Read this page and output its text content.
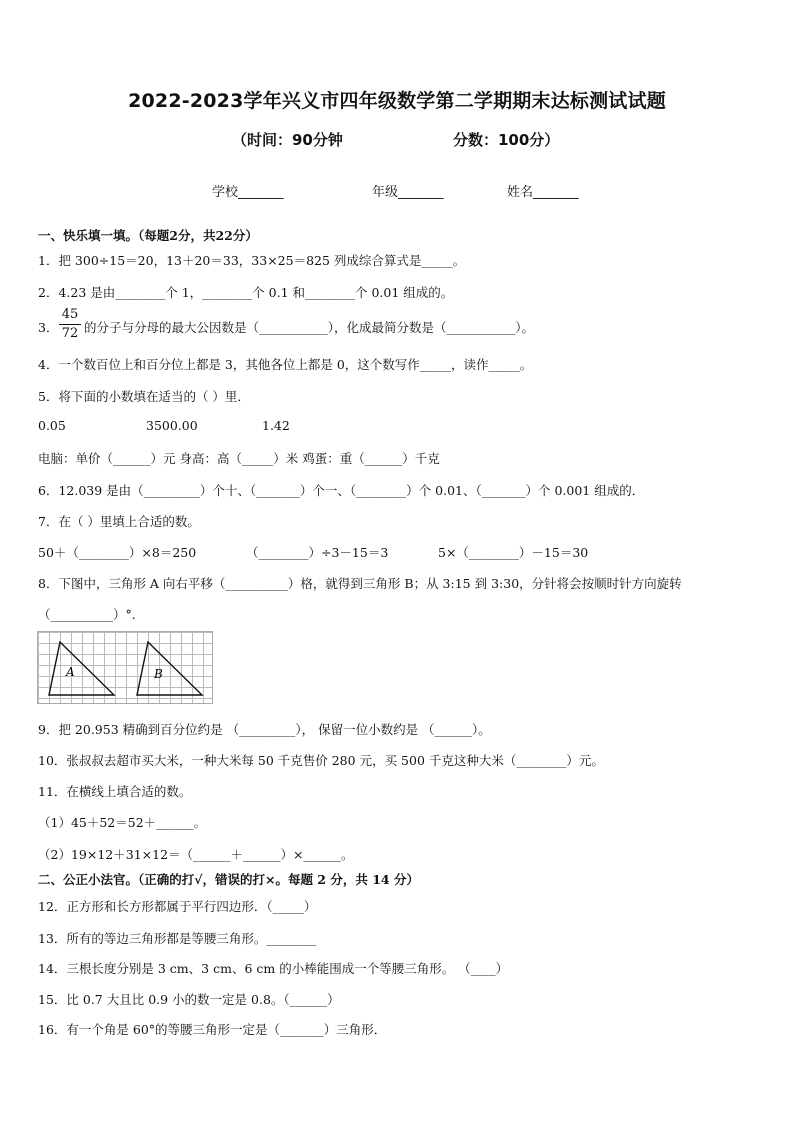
2022-2023学年兴义市四年级数学第二学期期末达标测试试题
（时间：90分钟	分数：100分）
学校_______	年级_______	姓名_______
一、快乐填一填。（每题2分，共22分）
1．把 300÷15＝20，13＋20＝33，33×25＝825 列成综合算式是_____。
2．4.23 是由________个 1，________个 0.1 和________个 0.01 组成的。
3．
45
72 的分子与分母的最大公因数是（___________），化成最简分数是（___________）。
4．一个数百位上和百分位上都是 3，其他各位上都是 0，这个数写作_____，读作_____。
5．将下面的小数填在适当的（ ）里．
0.05	3500.00	1.42
电脑：单价（______）元 身高：高（_____）米 鸡蛋：重（______）千克
6．12.039 是由（_________）个十、（_______）个一、（________）个 0.01、（_______）个 0.001 组成的．
7．在（ ）里填上合适的数。
50＋（________）×8＝250	（________）÷3－15＝3	5×（________）－15＝30
8．下图中，三角形 A 向右平移（__________）格，就得到三角形 B；从 3:15 到 3:30，分针将会按顺时针方向旋转
（__________）°.
A	B
9．把 20.953 精确到百分位约是 （_________）， 保留一位小数约是 （______）。
10．张叔叔去超市买大米，一种大米每 50 千克售价 280 元，买 500 千克这种大米（________）元。
11．在横线上填合适的数。
（1）45＋52＝52＋______。
（2）19×12＋31×12＝（______＋______）×______。
二、公正小法官。（正确的打√，错误的打×。每题 2 分，共 14 分）
12．正方形和长方形都属于平行四边形．（_____）
13．所有的等边三角形都是等腰三角形。________
14．三根长度分别是 3 cm、3 cm、6 cm 的小棒能围成一个等腰三角形。 （____）
15．比 0.7 大且比 0.9 小的数一定是 0.8。（______）
16．有一个角是 60°的等腰三角形一定是（_______）三角形．
